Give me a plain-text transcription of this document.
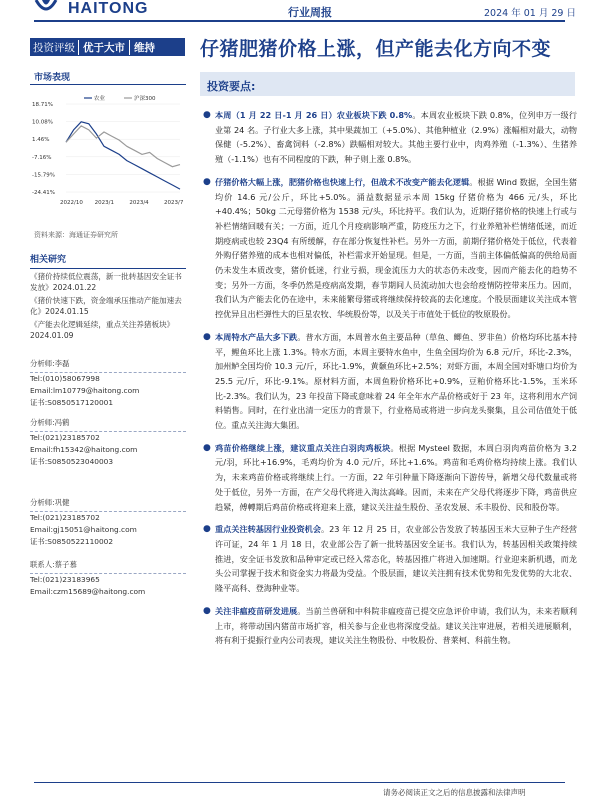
HAITONG	行业周报	2024 年 01 月 29 日
投资评级 优于大市 维持 仔猪肥猪价格上涨，但产能去化方向不变
市场表现
18.71%
10.08%
1.46%
-7.16%
-15.79%
-24.41%
2022/10 2023/1	2023/4	2023/7
农业	沪深300
资料来源：海通证券研究所
相关研究
《猪价持续低位震荡，新一批转基因安全证书发放》2024.01.22
《猪价快速下跌，资金端承压推动产能加速去化》2024.01.15
《产能去化逻辑延续，重点关注养猪板块》2024.01.09
分析师:李磊
Tel:(010)58067998
Email:lm10779@haitong.com
证书:S0850517120001
分析师:冯鹤
Tel:(021)23185702
Email:fh15342@haitong.com
证书:S0850523040003
分析师:巩健
Tel:(021)23185702
Email:gj15051@haitong.com
证书:S0850522110002
联系人:蔡子慕
Tel:(021)23183965
Email:czm15689@haitong.com
投资要点:
● 本周（1 月 22 日-1 月 26 日）农业板块下跌 0.8%。本周农业板块下跌 0.8%，位列申万一级行业第 24 名。子行业大多上涨，其中果蔬加工（+5.0%）、其他种植业（2.9%）涨幅相对最大，动物保健（-5.2%）、畜禽饲料（-2.8%）跌幅相对较大。其他主要行业中，肉鸡养殖（-1.3%）、生猪养殖（-1.1%）也有不同程度的下跌，种子则上涨 0.8%。
● 仔猪价格大幅上涨，肥猪价格也快速上行，但战术不改变产能去化逻辑。根据 Wind 数据，全国生猪均价 14.6 元/公斤，环比+5.0%。涌益数据显示本周 15kg 仔猪价格为 466 元/头，环比+40.4%；50kg 二元母猪价格为 1538 元/头，环比持平。我们认为，近期仔猪价格的快速上行或与补栏情绪回暖有关；一方面，近几个月疫病影响严重，防疫压力之下，行业养殖补栏情绪低迷，而近期疫病或也较 23Q4 有所缓解，存在部分恢复性补栏。另外一方面，前期仔猪价格处于低位，代表着外购仔猪养殖的成本也相对偏低，补栏需求开始显现。但是，一方面，当前主体偏低偏高的供给局面仍未发生本质改变，猪价低迷，行业亏损，现金流压力大的状态仍未改变，因而产能去化的趋势不变；另外一方面，冬季仍然是疫病高发期，春节期间人员流动加大也会给疫情防控带来压力。因而，我们认为产能去化仍在途中，未来能繁母猪或将继续保持较高的去化速度。个股层面建议关注成本管控优异且出栏弹性大的巨星农牧、华统股份等，以及关于市值处于低位的牧原股份。
● 本周特水产品大多下跌。普水方面，本周普水鱼主要品种（草鱼、鲫鱼、罗非鱼）价格均环比基本持平，鲤鱼环比上涨 1.3%。特水方面，本周主要特水鱼中，生鱼全国均价为 6.8 元/斤，环比-2.3%，加州鲈全国均价 10.3 元/斤，环比-1.9%，黄颡鱼环比+2.5%；对虾方面，本周全国对虾塘口均价为 25.5 元/斤，环比-9.1%。原材料方面，本周鱼粉价格环比+0.9%，豆粕价格环比-1.5%，玉米环比-2.3%。我们认为，23 年投苗下降或意味着 24 年全年水产品价格或好于 23 年，这将利用水产饲料销售。同时，在行业出清一定压力的背景下，行业格局或将进一步向龙头聚集，且公司估值处于低位。重点关注海大集团。
● 鸡苗价格继续上涨，建议重点关注白羽肉鸡板块。根据 Mysteel 数据，本周白羽肉鸡苗价格为 3.2 元/羽，环比+16.9%，毛鸡均价为 4.0 元/斤，环比+1.6%。鸡苗和毛鸡价格均持续上涨。我们认为，未来鸡苗价格或将继续上行。一方面，22 年引种量下降逐渐向下游传导，新增父母代数量或将处于低位，另外一方面，在产父母代将进入淘汰高峰。因而，未来在产父母代将逐步下降，鸡苗供应趋紧，傅轉期后鸡苗价格或将迎来上涨，建议关注益生股份、圣农发展、禾丰股份、民和股份等。
● 重点关注转基因行业投资机会。23 年 12 月 25 日，农业部公告发放了转基因玉米大豆种子生产经营许可证，24 年 1 月 18 日，农业部公告了新一批转基因安全证书。我们认为，转基因相关政策持续推进，安全证书发放和品种审定或已经入常态化，转基因推广将进入加速期。行业迎来新机遇，而龙头公司掌握于技术和资金实力将最为受益。个股层面，建议关注拥有技术优势和先发优势的大北农、隆平高科、登海种业等。
● 关注非瘟疫苗研发进展。当前兰兽研和中科院非瘟疫苗已提交应急评价申请，我们认为，未来若顺利上市，将带动国内猪苗市场扩容，相关参与企业也将深度受益。建议关注审进展，若相关进展顺利，将有利于提振行业内公司表现，建议关注生物股份、中牧股份、普莱柯、科前生物。
请务必阅读正文之后的信息披露和法律声明
